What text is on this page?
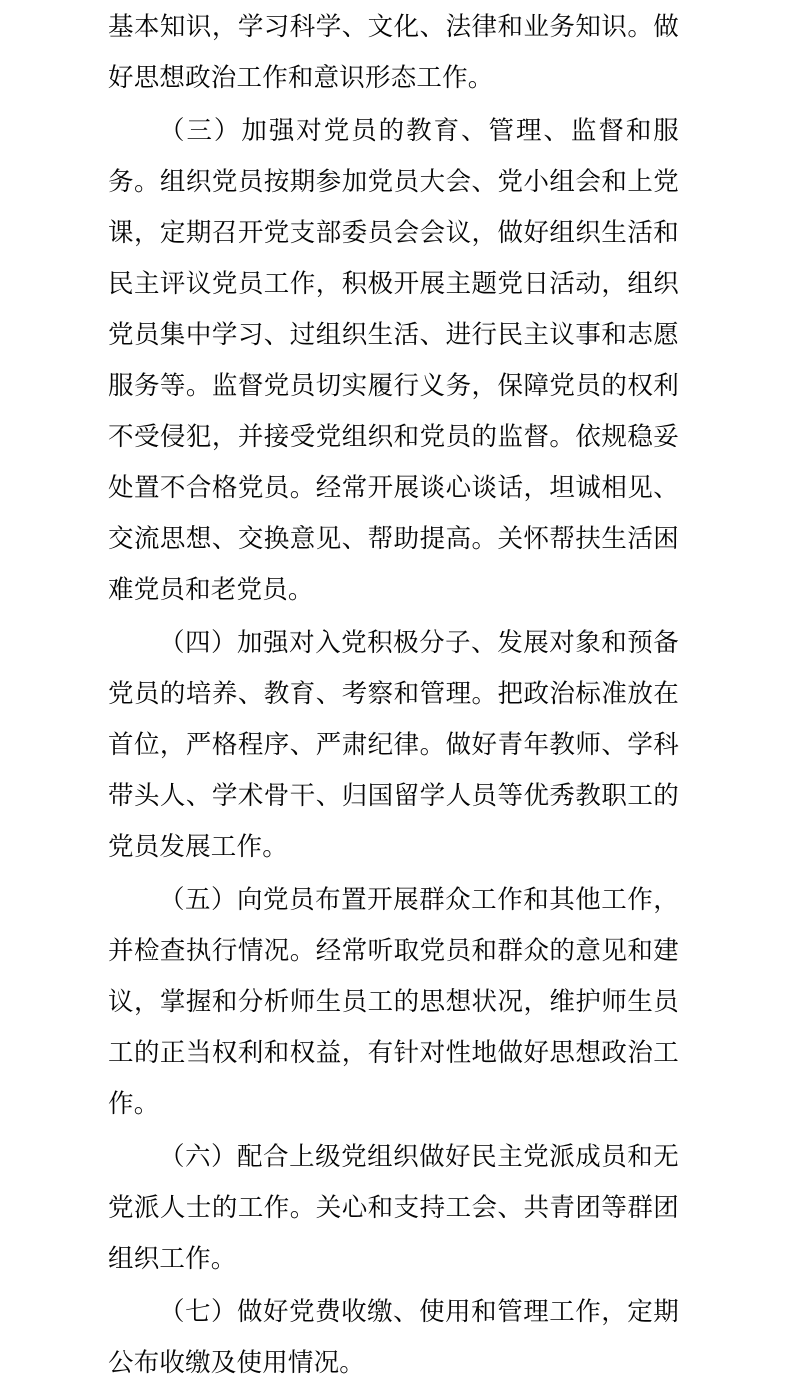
基本知识，学习科学、文化、法律和业务知识。做好思想政治工作和意识形态工作。

（三）加强对党员的教育、管理、监督和服务。组织党员按期参加党员大会、党小组会和上党课，定期召开党支部委员会会议，做好组织生活和民主评议党员工作，积极开展主题党日活动，组织党员集中学习、过组织生活、进行民主议事和志愿服务等。监督党员切实履行义务，保障党员的权利不受侵犯，并接受党组织和党员的监督。依规稳妥处置不合格党员。经常开展谈心谈话，坦诚相见、交流思想、交换意见、帮助提高。关怀帮扶生活困难党员和老党员。

（四）加强对入党积极分子、发展对象和预备党员的培养、教育、考察和管理。把政治标准放在首位，严格程序、严肃纪律。做好青年教师、学科带头人、学术骨干、归国留学人员等优秀教职工的党员发展工作。

（五）向党员布置开展群众工作和其他工作，并检查执行情况。经常听取党员和群众的意见和建议，掌握和分析师生员工的思想状况，维护师生员工的正当权利和权益，有针对性地做好思想政治工作。

（六）配合上级党组织做好民主党派成员和无党派人士的工作。关心和支持工会、共青团等群团组织工作。

（七）做好党费收缴、使用和管理工作，定期公布收缴及使用情况。
